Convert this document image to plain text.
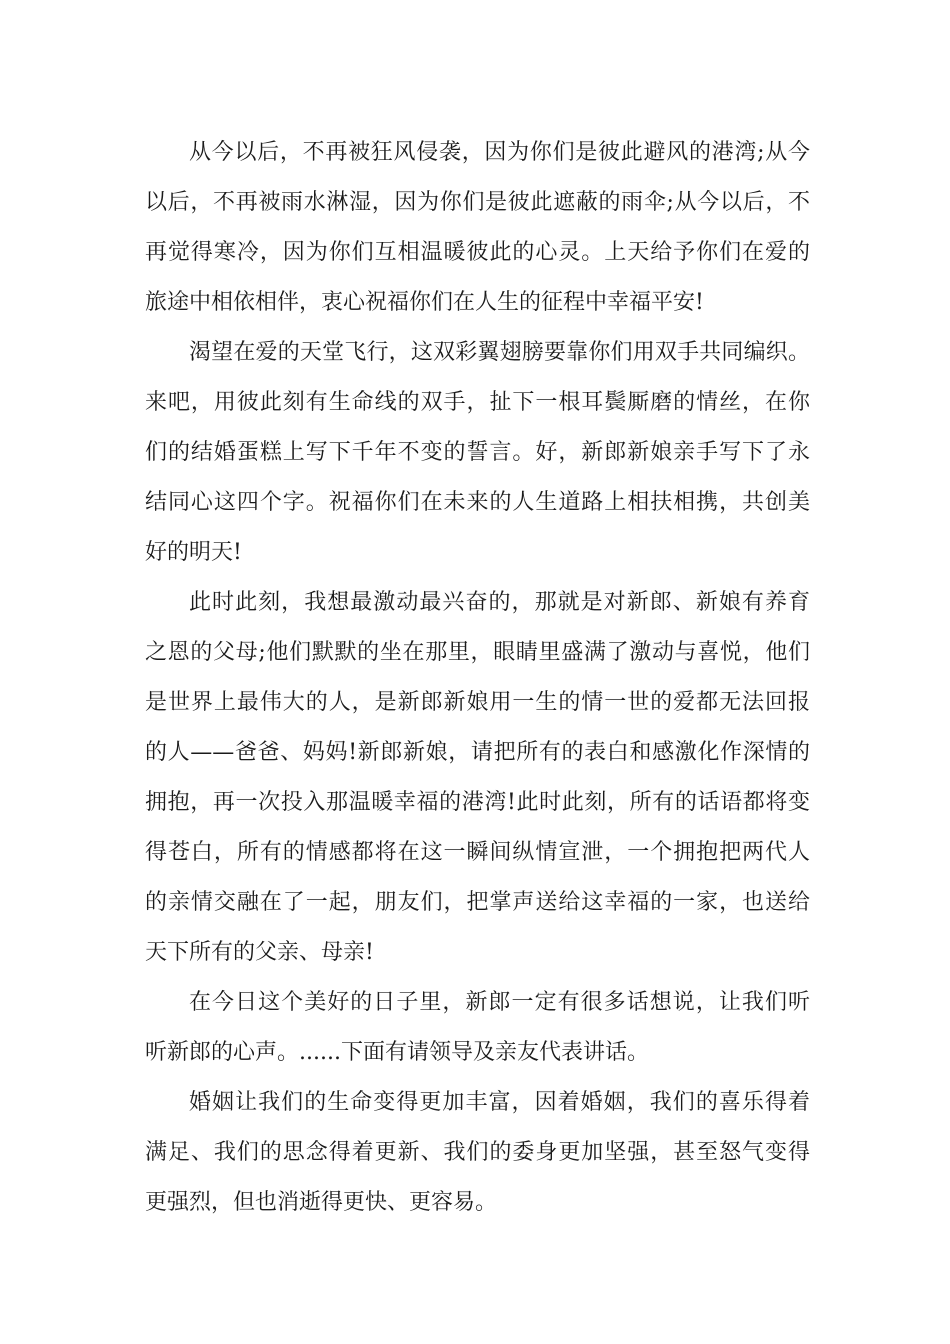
从今以后，不再被狂风侵袭，因为你们是彼此避风的港湾;从今
以后，不再被雨水淋湿，因为你们是彼此遮蔽的雨伞;从今以后，不
再觉得寒冷，因为你们互相温暖彼此的心灵。上天给予你们在爱的
旅途中相依相伴，衷心祝福你们在人生的征程中幸福平安!
渴望在爱的天堂飞行，这双彩翼翅膀要靠你们用双手共同编织。
来吧，用彼此刻有生命线的双手，扯下一根耳鬓厮磨的情丝，在你
们的结婚蛋糕上写下千年不变的誓言。好，新郎新娘亲手写下了永
结同心这四个字。祝福你们在未来的人生道路上相扶相携，共创美
好的明天!
此时此刻，我想最激动最兴奋的，那就是对新郎、新娘有养育
之恩的父母;他们默默的坐在那里，眼睛里盛满了激动与喜悦，他们
是世界上最伟大的人，是新郎新娘用一生的情一世的爱都无法回报
的人——爸爸、妈妈!新郎新娘，请把所有的表白和感激化作深情的
拥抱，再一次投入那温暖幸福的港湾!此时此刻，所有的话语都将变
得苍白，所有的情感都将在这一瞬间纵情宣泄，一个拥抱把两代人
的亲情交融在了一起，朋友们，把掌声送给这幸福的一家，也送给
天下所有的父亲、母亲!
在今日这个美好的日子里，新郎一定有很多话想说，让我们听
听新郎的心声。......下面有请领导及亲友代表讲话。
婚姻让我们的生命变得更加丰富，因着婚姻，我们的喜乐得着
满足、我们的思念得着更新、我们的委身更加坚强，甚至怒气变得
更强烈，但也消逝得更快、更容易。
